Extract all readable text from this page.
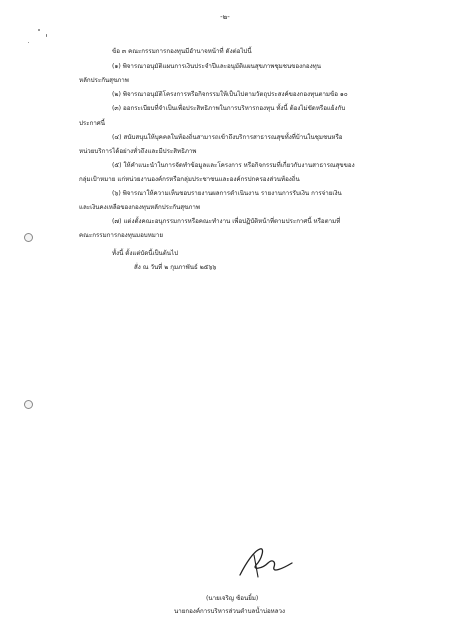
-๒-
ข้อ ๓ คณะกรรมการกองทุนมีอำนาจหน้าที่ ดังต่อไปนี้
(๑) พิจารณาอนุมัติแผนการเงินประจำปีและอนุมัติแผนสุขภาพชุมชนของกองทุน
หลักประกันสุขภาพ
(๒) พิจารณาอนุมัติโครงการหรือกิจกรรมให้เป็นไปตามวัตถุประสงค์ของกองทุนตามข้อ ๑๐
(๓) ออกระเบียบที่จำเป็นเพื่อประสิทธิภาพในการบริหารกองทุน ทั้งนี้ ต้องไม่ขัดหรือแย้งกับ
ประกาศนี้
(๔) สนับสนุนให้บุคคลในท้องถิ่นสามารถเข้าถึงบริการสาธารณสุขทั้งที่บ้านในชุมชนหรือ
หน่วยบริการได้อย่างทั่วถึงและมีประสิทธิภาพ
(๕) ให้คำแนะนำในการจัดทำข้อมูลและโครงการ หรือกิจกรรมที่เกี่ยวกับงานสาธารณสุขของ
กลุ่มเป้าหมาย แก่หน่วยงานองค์กรหรือกลุ่มประชาชนและองค์กรปกครองส่วนท้องถิ่น
(๖) พิจารณาให้ความเห็นชอบรายงานผลการดำเนินงาน รายงานการรับเงิน การจ่ายเงิน
และเงินคงเหลือของกองทุนหลักประกันสุขภาพ
(๗) แต่งตั้งคณะอนุกรรมการหรือคณะทำงาน เพื่อปฏิบัติหน้าที่ตามประกาศนี้ หรือตามที่
คณะกรรมการกองทุนมอบหมาย
ทั้งนี้ ตั้งแต่บัดนี้เป็นต้นไป
สั่ง ณ วันที่ ๒ กุมภาพันธ์ ๒๕๖๖
(นายเจริญ ซ้อนยิ้ม)
นายกองค์การบริหารส่วนตำบลน้ำบ่อหลวง
